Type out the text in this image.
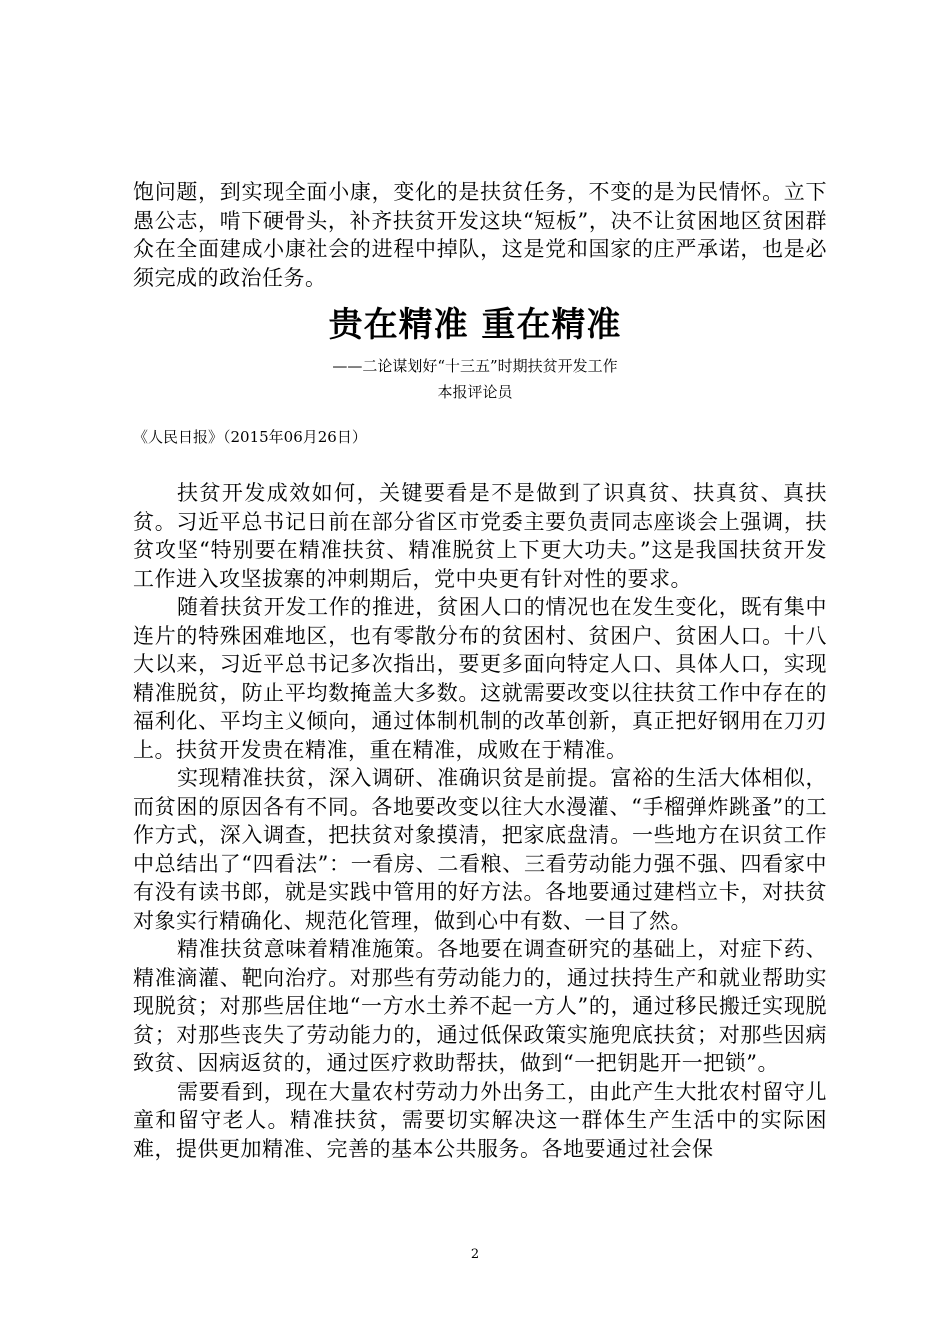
饱问题，到实现全面小康，变化的是扶贫任务，不变的是为民情怀。立下愚公志，啃下硬骨头，补齐扶贫开发这块“短板”，决不让贫困地区贫困群众在全面建成小康社会的进程中掉队，这是党和国家的庄严承诺，也是必须完成的政治任务。

贵在精准 重在精准

——二论谋划好“十三五”时期扶贫开发工作

本报评论员

《人民日报》（2015年06月26日）

扶贫开发成效如何，关键要看是不是做到了识真贫、扶真贫、真扶贫。习近平总书记日前在部分省区市党委主要负责同志座谈会上强调，扶贫攻坚“特别要在精准扶贫、精准脱贫上下更大功夫。”这是我国扶贫开发工作进入攻坚拔寨的冲刺期后，党中央更有针对性的要求。

随着扶贫开发工作的推进，贫困人口的情况也在发生变化，既有集中连片的特殊困难地区，也有零散分布的贫困村、贫困户、贫困人口。十八大以来，习近平总书记多次指出，要更多面向特定人口、具体人口，实现精准脱贫，防止平均数掩盖大多数。这就需要改变以往扶贫工作中存在的福利化、平均主义倾向，通过体制机制的改革创新，真正把好钢用在刀刃上。扶贫开发贵在精准，重在精准，成败在于精准。

实现精准扶贫，深入调研、准确识贫是前提。富裕的生活大体相似，而贫困的原因各有不同。各地要改变以往大水漫灌、“手榴弹炸跳蚤”的工作方式，深入调查，把扶贫对象摸清，把家底盘清。一些地方在识贫工作中总结出了“四看法”：一看房、二看粮、三看劳动能力强不强、四看家中有没有读书郎，就是实践中管用的好方法。各地要通过建档立卡，对扶贫对象实行精确化、规范化管理，做到心中有数、一目了然。

精准扶贫意味着精准施策。各地要在调查研究的基础上，对症下药、精准滴灌、靶向治疗。对那些有劳动能力的，通过扶持生产和就业帮助实现脱贫；对那些居住地“一方水土养不起一方人”的，通过移民搬迁实现脱贫；对那些丧失了劳动能力的，通过低保政策实施兜底扶贫；对那些因病致贫、因病返贫的，通过医疗救助帮扶，做到“一把钥匙开一把锁”。

需要看到，现在大量农村劳动力外出务工，由此产生大批农村留守儿童和留守老人。精准扶贫，需要切实解决这一群体生产生活中的实际困难，提供更加精准、完善的基本公共服务。各地要通过社会保

2
